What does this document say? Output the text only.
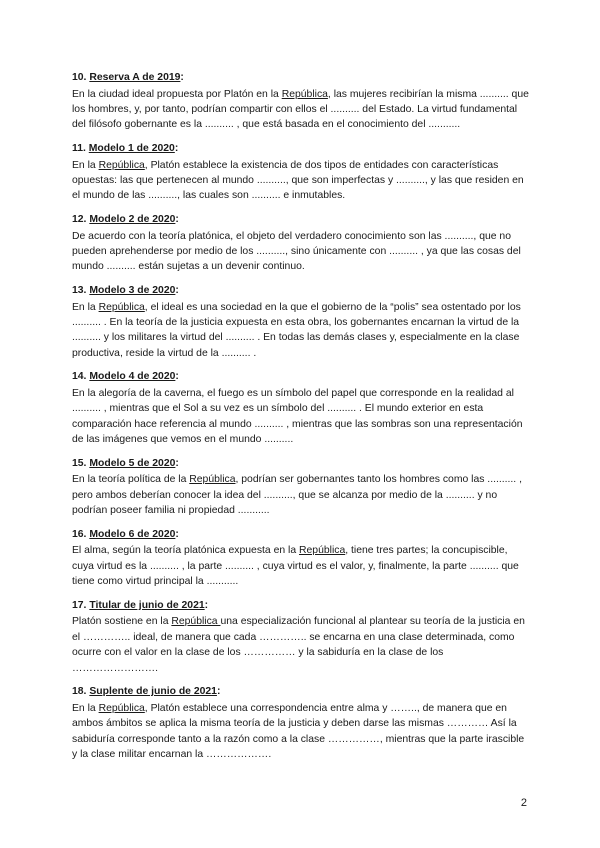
10. Reserva A de 2019:
En la ciudad ideal propuesta por Platón en la República, las mujeres recibirían la misma .......... que los hombres, y, por tanto, podrían compartir con ellos el .......... del Estado. La virtud fundamental del filósofo gobernante es la .......... , que está basada en el conocimiento del ...........
11. Modelo 1 de 2020:
En la República, Platón establece la existencia de dos tipos de entidades con características opuestas: las que pertenecen al mundo .........., que son imperfectas y .........., y las que residen en el mundo de las .........., las cuales son .......... e inmutables.
12. Modelo 2 de 2020:
De acuerdo con la teoría platónica, el objeto del verdadero conocimiento son las .........., que no pueden aprehenderse por medio de los .........., sino únicamente con .......... , ya que las cosas del mundo .......... están sujetas a un devenir continuo.
13. Modelo 3 de 2020:
En la República, el ideal es una sociedad en la que el gobierno de la “polis” sea ostentado por los .......... . En la teoría de la justicia expuesta en esta obra, los gobernantes encarnan la virtud de la .......... y los militares la virtud del .......... . En todas las demás clases y, especialmente en la clase productiva, reside la virtud de la .......... .
14. Modelo 4 de 2020:
En la alegoría de la caverna, el fuego es un símbolo del papel que corresponde en la realidad al .......... , mientras que el Sol a su vez es un símbolo del .......... . El mundo exterior en esta comparación hace referencia al mundo .......... , mientras que las sombras son una representación de las imágenes que vemos en el mundo ..........
15. Modelo 5 de 2020:
En la teoría política de la República, podrían ser gobernantes tanto los hombres como las .......... , pero ambos deberían conocer la idea del .........., que se alcanza por medio de la .......... y no podrían poseer familia ni propiedad ...........
16. Modelo 6 de 2020:
El alma, según la teoría platónica expuesta en la República, tiene tres partes; la concupiscible, cuya virtud es la .......... , la parte .......... , cuya virtud es el valor, y, finalmente, la parte .......... que tiene como virtud principal la ...........
17. Titular de junio de 2021:
Platón sostiene en la República una especialización funcional al plantear su teoría de la justicia en el ………….. ideal, de manera que cada ………….. se encarna en una clase determinada, como ocurre con el valor en la clase de los …………… y la sabiduría en la clase de los …………………….
18. Suplente de junio de 2021:
En la República, Platón establece una correspondencia entre alma y …….., de manera que en ambos ámbitos se aplica la misma teoría de la justicia y deben darse las mismas ………… Así la sabiduría corresponde tanto a la razón como a la clase ……………, mientras que la parte irascible y la clase militar encarnan la ……………….
2
